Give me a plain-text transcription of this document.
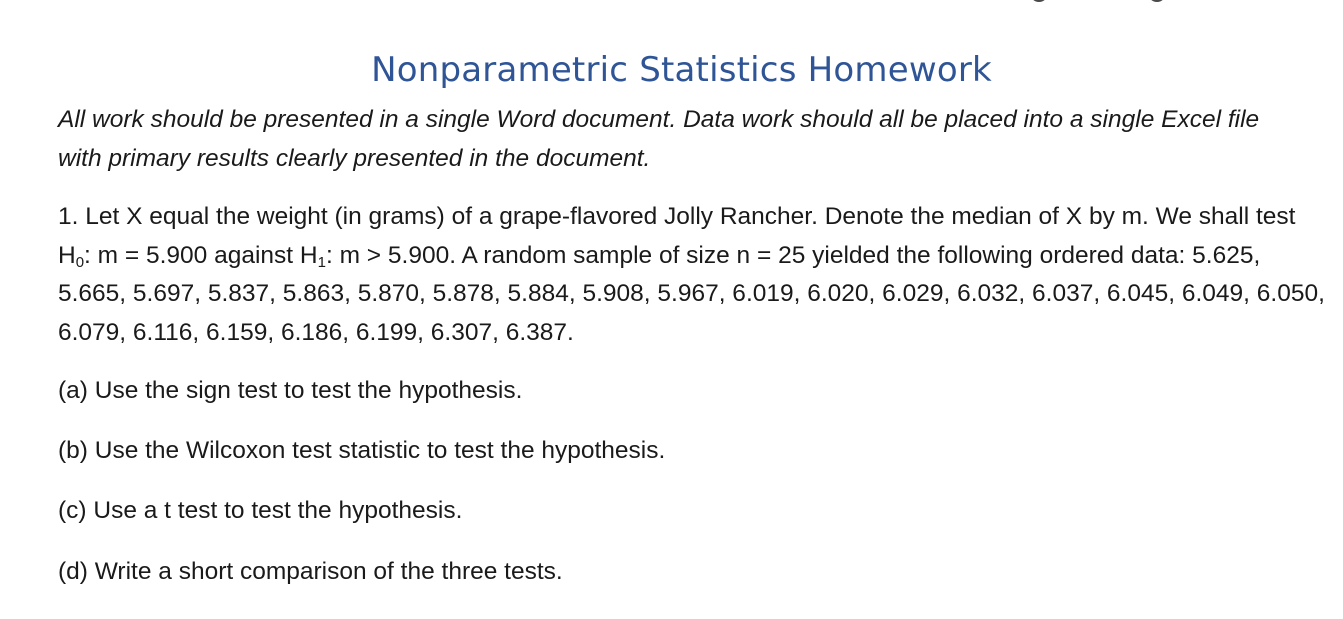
Nonparametric Statistics Homework

All work should be presented in a single Word document. Data work should all be placed into a single Excel file with primary results clearly presented in the document.

1. Let X equal the weight (in grams) of a grape-flavored Jolly Rancher. Denote the median of X by m. We shall test $H_0$: m = 5.900 against $H_1$: m > 5.900. A random sample of size n = 25 yielded the following ordered data: 5.625, 5.665, 5.697, 5.837, 5.863, 5.870, 5.878, 5.884, 5.908, 5.967, 6.019, 6.020, 6.029, 6.032, 6.037, 6.045, 6.049, 6.050, 6.079, 6.116, 6.159, 6.186, 6.199, 6.307, 6.387.

(a) Use the sign test to test the hypothesis.

(b) Use the Wilcoxon test statistic to test the hypothesis.

(c) Use a t test to test the hypothesis.

(d) Write a short comparison of the three tests.
